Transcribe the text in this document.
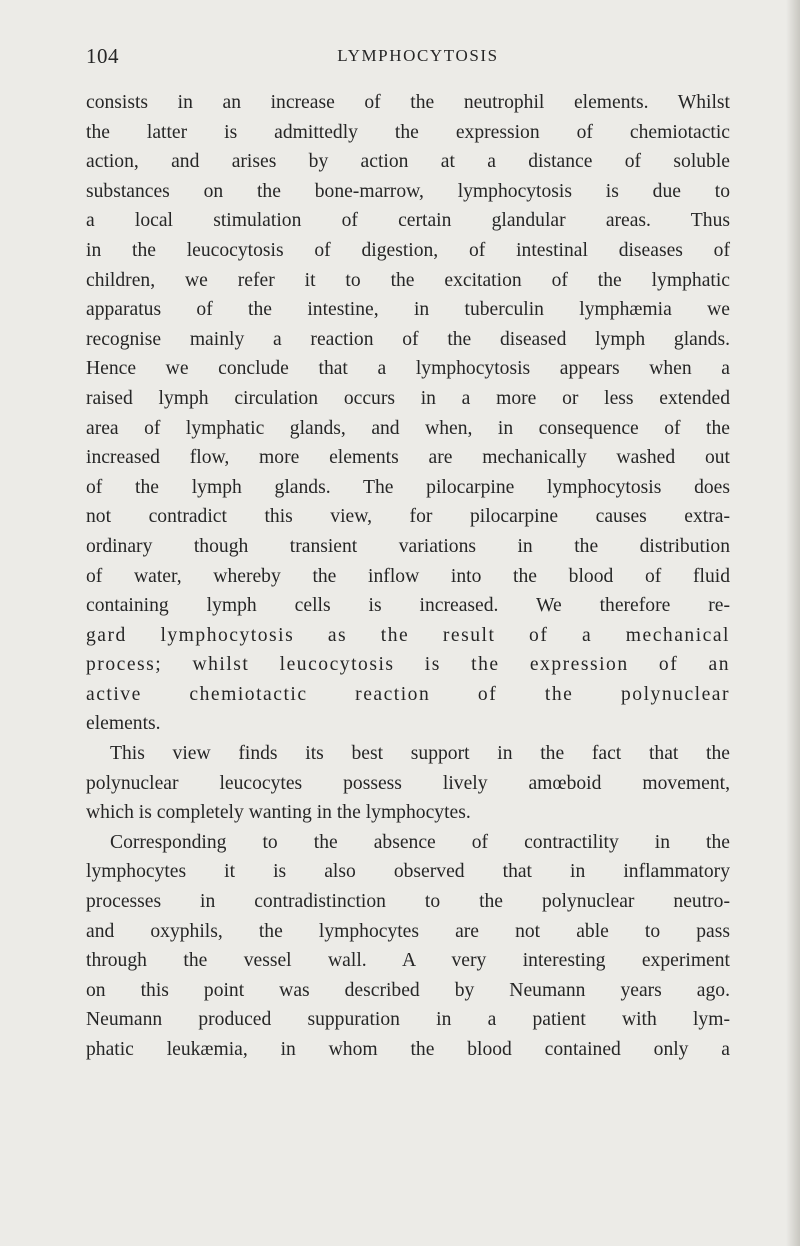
104	LYMPHOCYTOSIS
consists in an increase of the neutrophil elements. Whilst
the latter is admittedly the expression of chemiotactic
action, and arises by action at a distance of soluble
substances on the bone-marrow, lymphocytosis is due to
a local stimulation of certain glandular areas. Thus
in the leucocytosis of digestion, of intestinal diseases of
children, we refer it to the excitation of the lymphatic
apparatus of the intestine, in tuberculin lymphæmia we
recognise mainly a reaction of the diseased lymph glands.
Hence we conclude that a lymphocytosis appears when a
raised lymph circulation occurs in a more or less extended
area of lymphatic glands, and when, in consequence of the
increased flow, more elements are mechanically washed out
of the lymph glands. The pilocarpine lymphocytosis does
not contradict this view, for pilocarpine causes extra-
ordinary though transient variations in the distribution
of water, whereby the inflow into the blood of fluid
containing lymph cells is increased. We therefore re-
gard lymphocytosis as the result of a mechanical
process; whilst leucocytosis is the expression of an
active chemiotactic reaction of the polynuclear
elements.
This view finds its best support in the fact that the
polynuclear leucocytes possess lively amœboid movement,
which is completely wanting in the lymphocytes.
Corresponding to the absence of contractility in the
lymphocytes it is also observed that in inflammatory
processes in contradistinction to the polynuclear neutro-
and oxyphils, the lymphocytes are not able to pass
through the vessel wall. A very interesting experiment
on this point was described by Neumann years ago.
Neumann produced suppuration in a patient with lym-
phatic leukæmia, in whom the blood contained only a
